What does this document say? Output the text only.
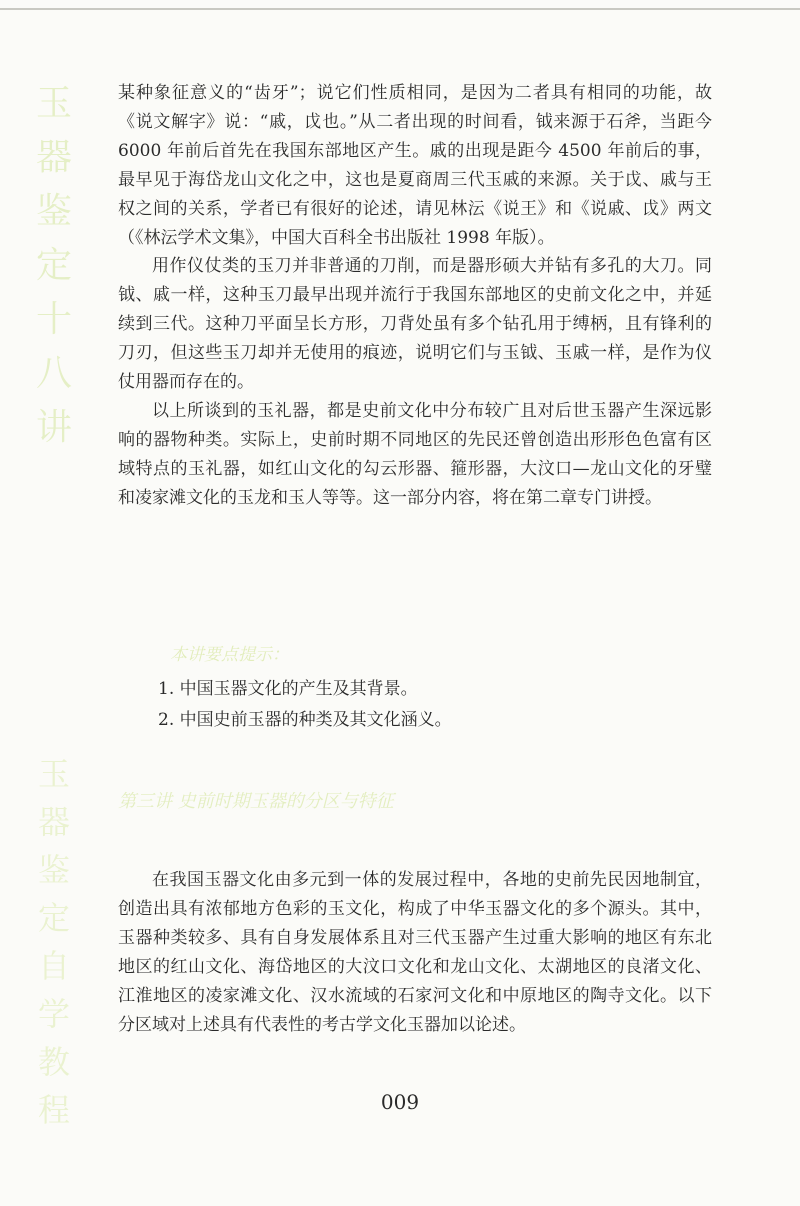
玉
器
鉴
定
十
八
讲
玉
器
鉴
定
自
学
教
程

某种象征意义的“齿牙”；说它们性质相同，是因为二者具有相同的功能，故《说文解字》说：“戚，戉也。”从二者出现的时间看，钺来源于石斧，当距今 6000 年前后首先在我国东部地区产生。戚的出现是距今 4500 年前后的事，最早见于海岱龙山文化之中，这也是夏商周三代玉戚的来源。关于戉、戚与王权之间的关系，学者已有很好的论述，请见林沄《说王》和《说戚、戉》两文（《林沄学术文集》，中国大百科全书出版社 1998 年版）。

用作仪仗类的玉刀并非普通的刀削，而是器形硕大并钻有多孔的大刀。同钺、戚一样，这种玉刀最早出现并流行于我国东部地区的史前文化之中，并延续到三代。这种刀平面呈长方形，刀背处虽有多个钻孔用于缚柄，且有锋利的刀刃，但这些玉刀却并无使用的痕迹，说明它们与玉钺、玉戚一样，是作为仪仗用器而存在的。

以上所谈到的玉礼器，都是史前文化中分布较广且对后世玉器产生深远影响的器物种类。实际上，史前时期不同地区的先民还曾创造出形形色色富有区域特点的玉礼器，如红山文化的勾云形器、箍形器，大汶口—龙山文化的牙璧和凌家滩文化的玉龙和玉人等等。这一部分内容，将在第二章专门讲授。

本讲要点提示：
1. 中国玉器文化的产生及其背景。
2. 中国史前玉器的种类及其文化涵义。
第三讲 史前时期玉器的分区与特征

在我国玉器文化由多元到一体的发展过程中，各地的史前先民因地制宜，创造出具有浓郁地方色彩的玉文化，构成了中华玉器文化的多个源头。其中，玉器种类较多、具有自身发展体系且对三代玉器产生过重大影响的地区有东北地区的红山文化、海岱地区的大汶口文化和龙山文化、太湖地区的良渚文化、江淮地区的凌家滩文化、汉水流域的石家河文化和中原地区的陶寺文化。以下分区域对上述具有代表性的考古学文化玉器加以论述。

009
